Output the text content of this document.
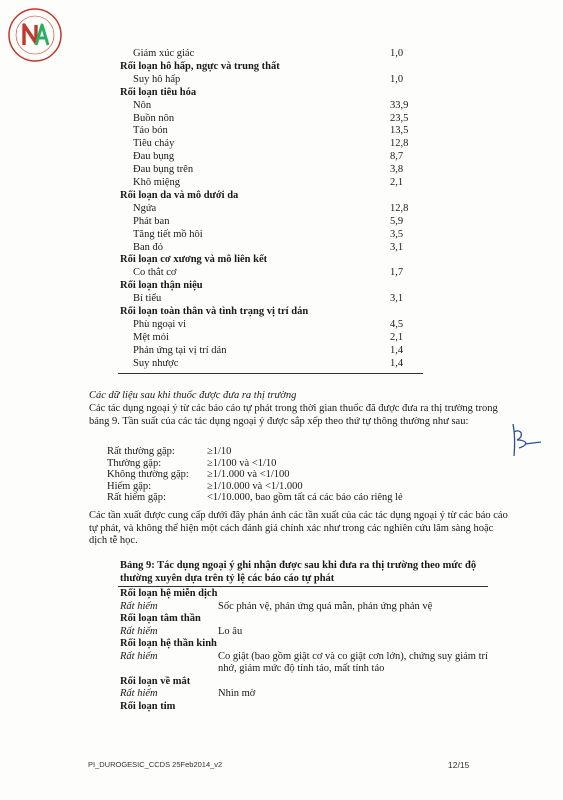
Giảm xúc giác	1,0
Rối loạn hô hấp, ngực và trung thất
Suy hô hấp	1,0
Rối loạn tiêu hóa
Nôn	33,9
Buồn nôn	23,5
Táo bón	13,5
Tiêu chảy	12,8
Đau bụng	8,7
Đau bụng trên	3,8
Khô miệng	2,1
Rối loạn da và mô dưới da
Ngứa	12,8
Phát ban	5,9
Tăng tiết mồ hôi	3,5
Ban đỏ	3,1
Rối loạn cơ xương và mô liên kết
Co thắt cơ	1,7
Rối loạn thận niệu
Bí tiểu	3,1
Rối loạn toàn thân và tình trạng vị trí dán
Phù ngoại vi	4,5
Mệt mỏi	2,1
Phản ứng tại vị trí dán	1,4
Suy nhược	1,4
Các dữ liệu sau khi thuốc được đưa ra thị trường
Các tác dụng ngoại ý từ các báo cáo tự phát trong thời gian thuốc đã được đưa ra thị trường trong bảng 9. Tần suất của các tác dụng ngoại ý được sắp xếp theo thứ tự thông thường như sau:
Rất thường gặp:	≥1/10
Thường gặp:	≥1/100 và <1/10
Không thường gặp: ≥1/1.000 và <1/100
Hiếm gặp:	≥1/10.000 và <1/1.000
Rất hiếm gặp:	<1/10.000, bao gồm tất cả các báo cáo riêng lẻ
Các tần xuất được cung cấp dưới đây phản ánh các tần xuất của các tác dụng ngoại ý từ các báo cáo tự phát, và không thể hiện một cách đánh giá chính xác như trong các nghiên cứu lâm sàng hoặc dịch tễ học.
Bảng 9: Tác dụng ngoại ý ghi nhận được sau khi đưa ra thị trường theo mức độ thường xuyên dựa trên tỷ lệ các báo cáo tự phát
Rối loạn hệ miễn dịch
Rất hiếm	Sốc phản vệ, phản ứng quá mẫn, phản ứng phản vệ
Rối loạn tâm thần
Rất hiếm	Lo âu
Rối loạn hệ thần kinh
Rất hiếm	Co giật (bao gồm giật cơ và co giật cơn lớn), chứng suy giảm trí nhớ, giảm mức độ tỉnh táo, mất tỉnh táo
Rối loạn về mắt
Rất hiếm	Nhìn mờ
Rối loạn tim
PI_DUROGESIC_CCDS 25Feb2014_v2	12/15
